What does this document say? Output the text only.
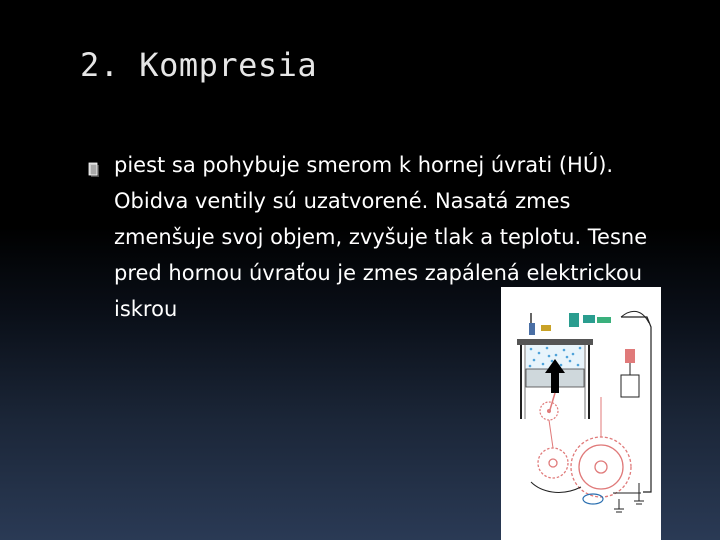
2. Kompresia
piest sa pohybuje smerom k hornej úvrati (HÚ). Obidva ventily sú uzatvorené. Nasatá zmes zmenšuje svoj objem, zvyšuje tlak a teplotu. Tesne pred hornou úvraťou je zmes zapálená elektrickou iskrou
